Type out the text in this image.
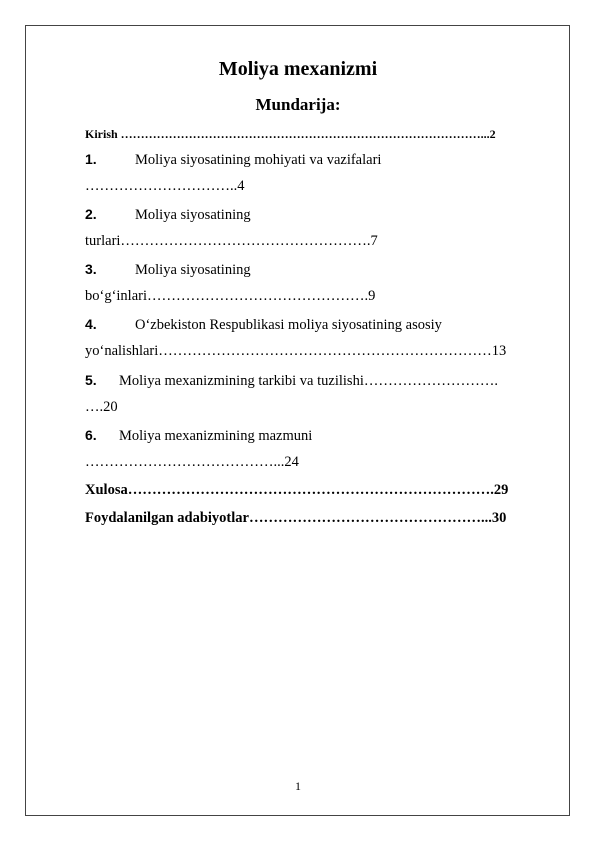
Moliya mexanizmi
Mundarija:
Kirish ………………………………………………………………………………...2
1.	Moliya siyosatining mohiyati va vazifalari
…………………………..4
2.	Moliya siyosatining
turlari…………………………………………….7
3.	Moliya siyosatining
bo‘g‘inlari……………………………………….9
4.	O‘zbekiston Respublikasi moliya siyosatining asosiy
yo‘nalishlari……………………………………………………………13
5. Moliya mexanizmining tarkibi va tuzilishi……………………….
….20
6. Moliya mexanizmining mazmuni
…………………………………...24
Xulosa………………………………………………………………….29
Foydalanilgan adabiyotlar…………………………………………...30
1
